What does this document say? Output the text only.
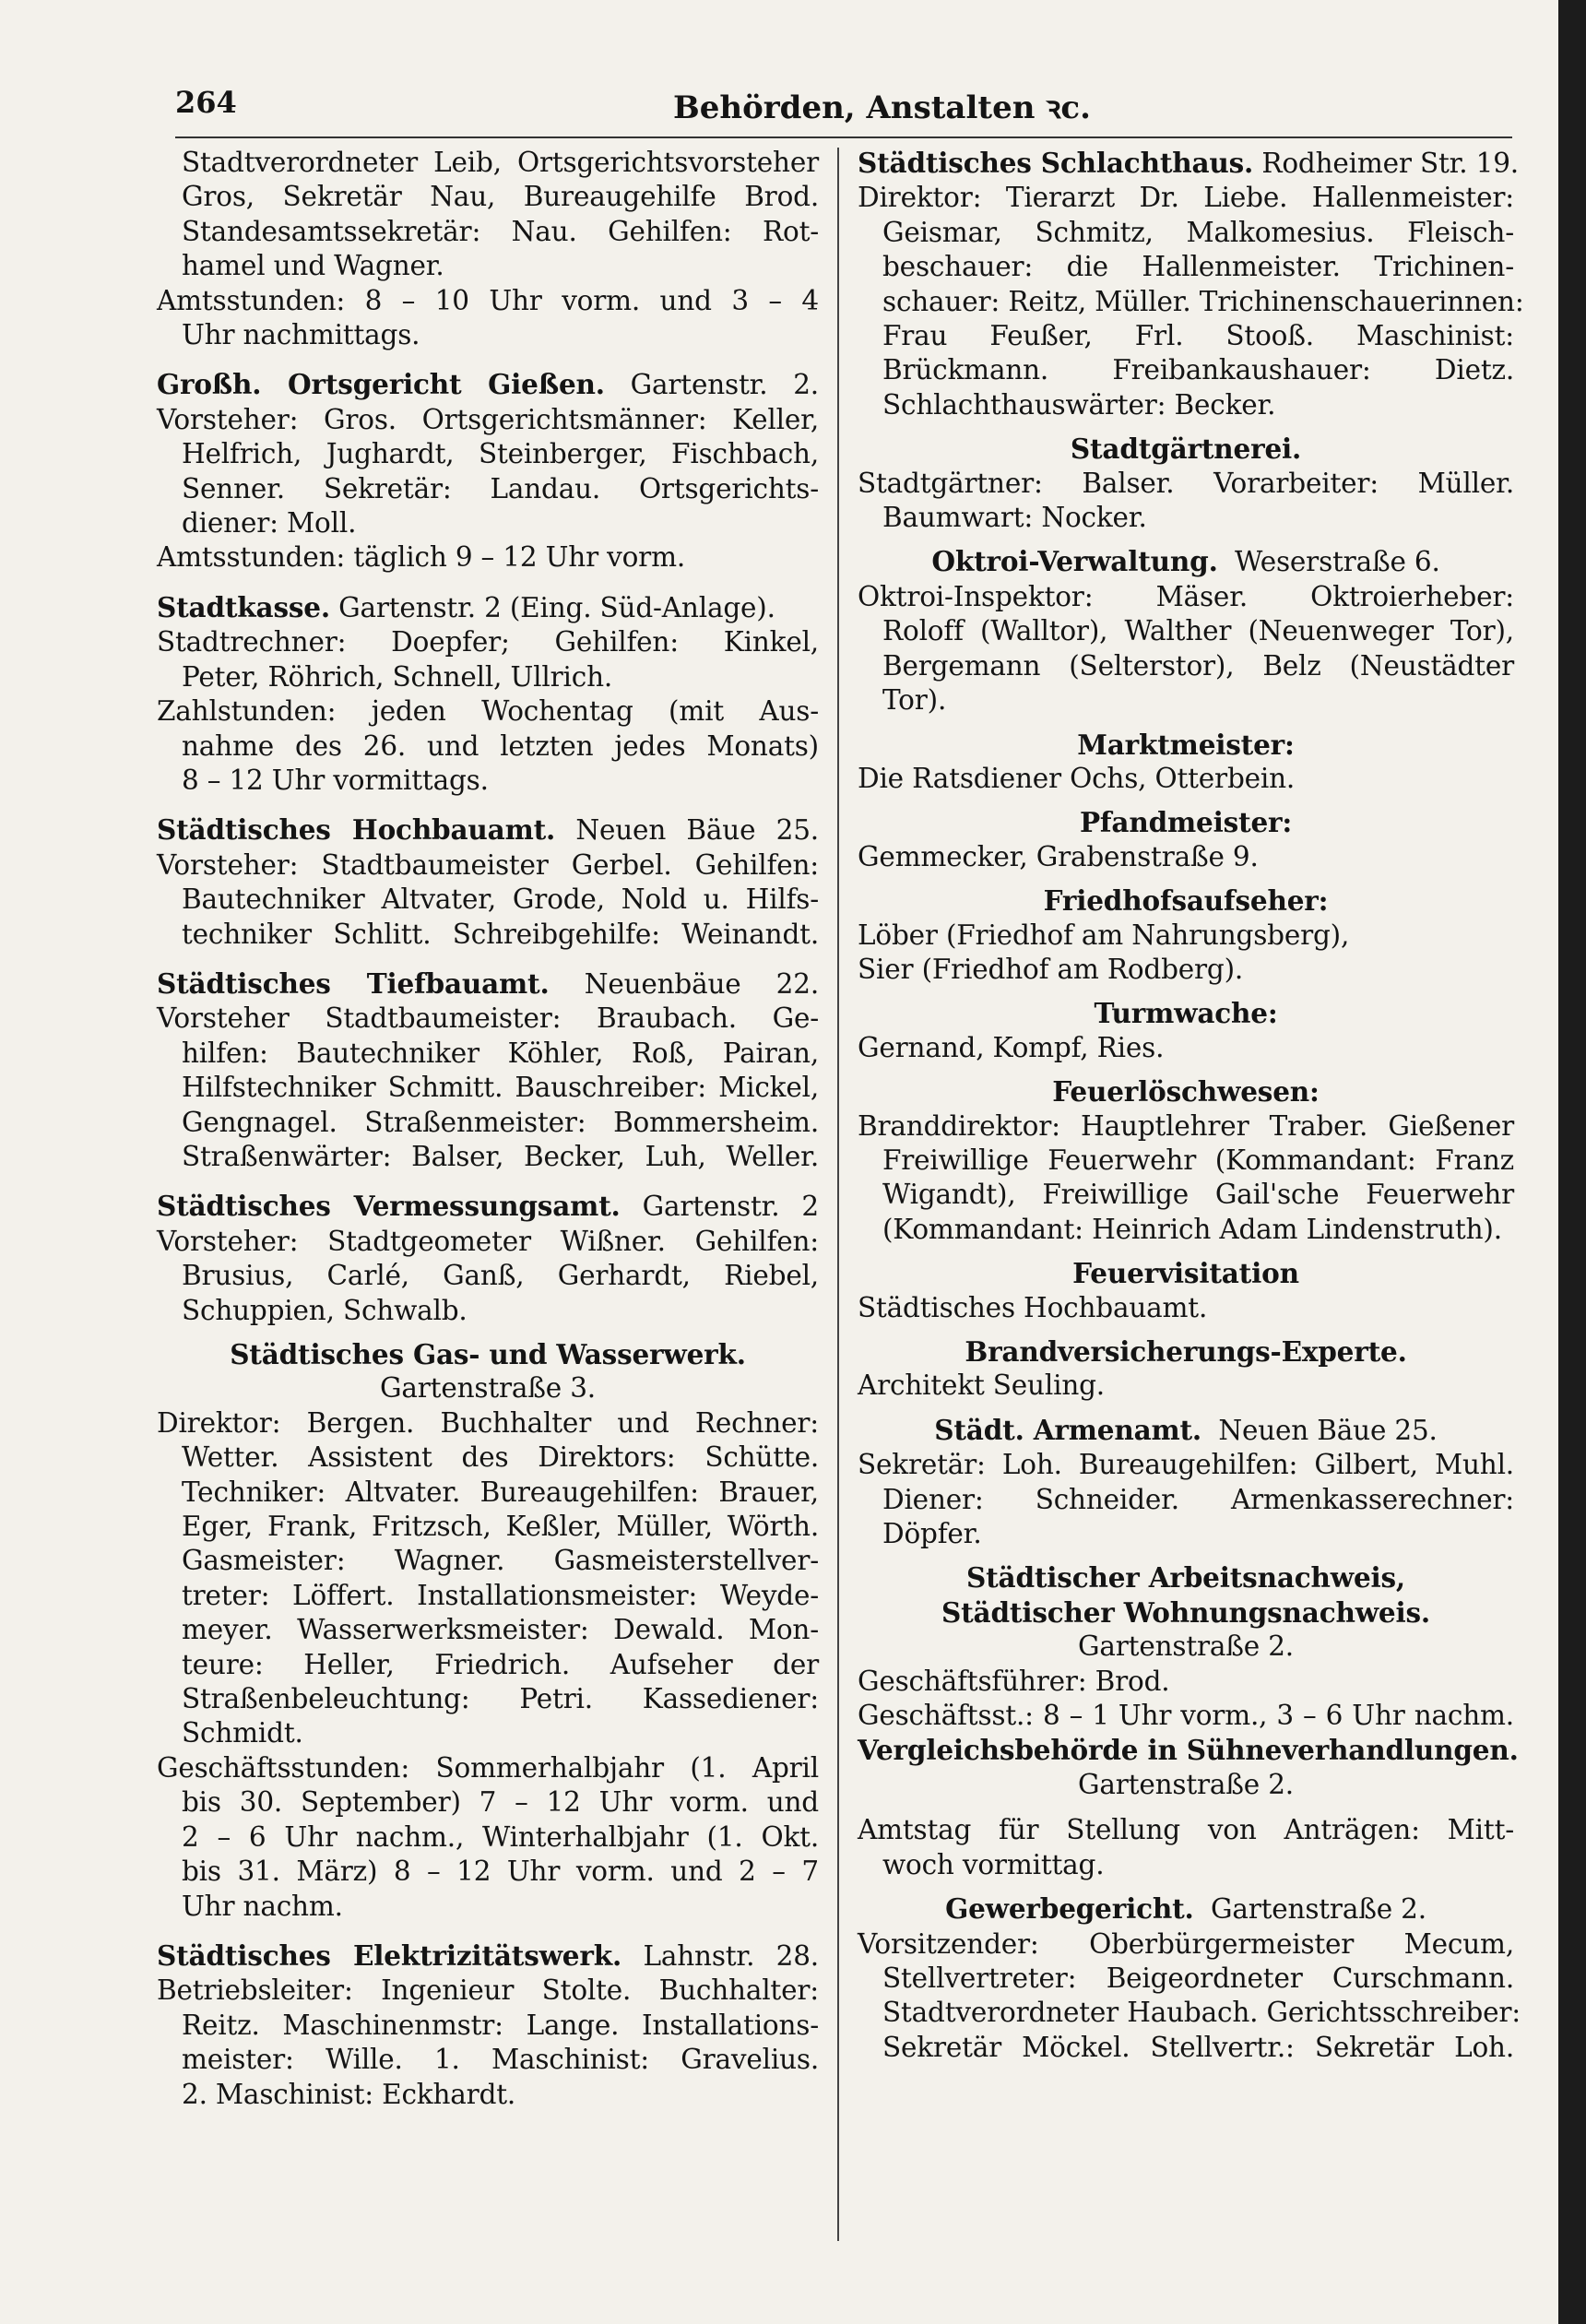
264	Behörden, Anstalten ꝛc.
Stadtverordneter Leib, Ortsgerichtsvorsteher
Gros, Sekretär Nau, Bureaugehilfe Brod.
Standesamtssekretär: Nau. Gehilfen: Rot-
hamel und Wagner.
Amtsstunden: 8 – 10 Uhr vorm. und 3 – 4
Uhr nachmittags.
Großh. Ortsgericht Gießen. Gartenstr. 2.
Vorsteher: Gros. Ortsgerichtsmänner: Keller,
Helfrich, Jughardt, Steinberger, Fischbach,
Senner. Sekretär: Landau. Ortsgerichts-
diener: Moll.
Amtsstunden: täglich 9 – 12 Uhr vorm.
Stadtkasse. Gartenstr. 2 (Eing. Süd-Anlage).
Stadtrechner: Doepfer; Gehilfen: Kinkel,
Peter, Röhrich, Schnell, Ullrich.
Zahlstunden: jeden Wochentag (mit Aus-
nahme des 26. und letzten jedes Monats)
8 – 12 Uhr vormittags.
Städtisches Hochbauamt. Neuen Bäue 25.
Vorsteher: Stadtbaumeister Gerbel. Gehilfen:
Bautechniker Altvater, Grode, Nold u. Hilfs-
techniker Schlitt. Schreibgehilfe: Weinandt.
Städtisches Tiefbauamt. Neuenbäue 22.
Vorsteher Stadtbaumeister: Braubach. Ge-
hilfen: Bautechniker Köhler, Roß, Pairan,
Hilfstechniker Schmitt. Bauschreiber: Mickel,
Gengnagel. Straßenmeister: Bommersheim.
Straßenwärter: Balser, Becker, Luh, Weller.
Städtisches Vermessungsamt. Gartenstr. 2
Vorsteher: Stadtgeometer Wißner. Gehilfen:
Brusius, Carlé, Ganß, Gerhardt, Riebel,
Schuppien, Schwalb.
Städtisches Gas- und Wasserwerk.
Gartenstraße 3.
Direktor: Bergen. Buchhalter und Rechner:
Wetter. Assistent des Direktors: Schütte.
Techniker: Altvater. Bureaugehilfen: Brauer,
Eger, Frank, Fritzsch, Keßler, Müller, Wörth.
Gasmeister: Wagner. Gasmeisterstellver-
treter: Löffert. Installationsmeister: Weyde-
meyer. Wasserwerksmeister: Dewald. Mon-
teure: Heller, Friedrich. Aufseher der
Straßenbeleuchtung: Petri. Kassediener:
Schmidt.
Geschäftsstunden: Sommerhalbjahr (1. April
bis 30. September) 7 – 12 Uhr vorm. und
2 – 6 Uhr nachm., Winterhalbjahr (1. Okt.
bis 31. März) 8 – 12 Uhr vorm. und 2 – 7
Uhr nachm.
Städtisches Elektrizitätswerk. Lahnstr. 28.
Betriebsleiter: Ingenieur Stolte. Buchhalter:
Reitz. Maschinenmstr: Lange. Installations-
meister: Wille. 1. Maschinist: Gravelius.
2. Maschinist: Eckhardt.
Städtisches Schlachthaus. Rodheimer Str. 19.
Direktor: Tierarzt Dr. Liebe. Hallenmeister:
Geismar, Schmitz, Malkomesius. Fleisch-
beschauer: die Hallenmeister. Trichinen-
schauer: Reitz, Müller. Trichinenschauerinnen:
Frau Feußer, Frl. Stooß. Maschinist:
Brückmann. Freibankaushauer: Dietz.
Schlachthauswärter: Becker.
Stadtgärtnerei.
Stadtgärtner: Balser. Vorarbeiter: Müller.
Baumwart: Nocker.
Oktroi-Verwaltung. Weserstraße 6.
Oktroi-Inspektor: Mäser. Oktroierheber:
Roloff (Walltor), Walther (Neuenweger Tor),
Bergemann (Selterstor), Belz (Neustädter
Tor).
Marktmeister:
Die Ratsdiener Ochs, Otterbein.
Pfandmeister:
Gemmecker, Grabenstraße 9.
Friedhofsaufseher:
Löber (Friedhof am Nahrungsberg),
Sier (Friedhof am Rodberg).
Turmwache:
Gernand, Kompf, Ries.
Feuerlöschwesen:
Branddirektor: Hauptlehrer Traber. Gießener
Freiwillige Feuerwehr (Kommandant: Franz
Wigandt), Freiwillige Gail'sche Feuerwehr
(Kommandant: Heinrich Adam Lindenstruth).
Feuervisitation
Städtisches Hochbauamt.
Brandversicherungs-Experte.
Architekt Seuling.
Städt. Armenamt. Neuen Bäue 25.
Sekretär: Loh. Bureaugehilfen: Gilbert, Muhl.
Diener: Schneider. Armenkasserechner:
Döpfer.
Städtischer Arbeitsnachweis,
Städtischer Wohnungsnachweis.
Gartenstraße 2.
Geschäftsführer: Brod.
Geschäftsst.: 8 – 1 Uhr vorm., 3 – 6 Uhr nachm.
Vergleichsbehörde in Sühneverhandlungen.
Gartenstraße 2.
Amtstag für Stellung von Anträgen: Mitt-
woch vormittag.
Gewerbegericht. Gartenstraße 2.
Vorsitzender: Oberbürgermeister Mecum,
Stellvertreter: Beigeordneter Curschmann.
Stadtverordneter Haubach. Gerichtsschreiber:
Sekretär Möckel. Stellvertr.: Sekretär Loh.
